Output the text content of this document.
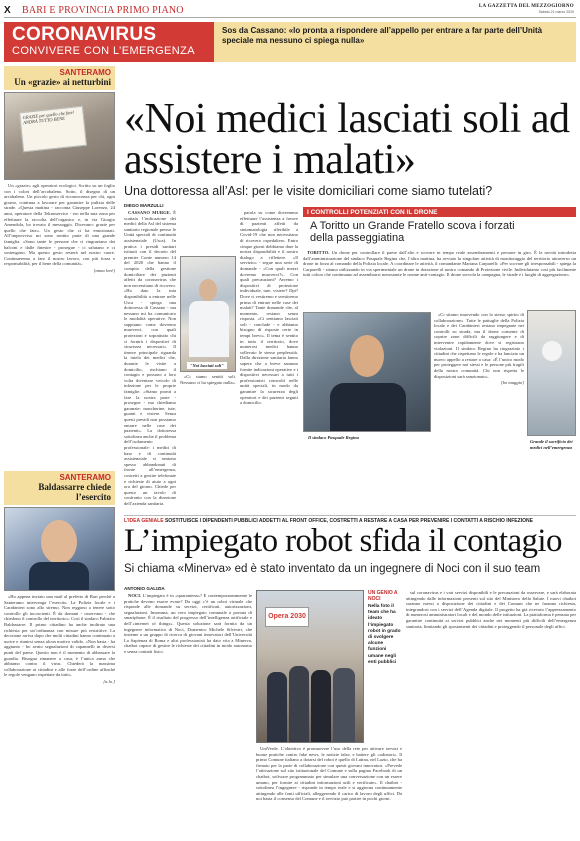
X BARI E PROVINCIA PRIMO PIANO	LA GAZZETTA DEL MEZZOGIORNO
Sabato 21 marzo 2020
CORONAVIRUS
CONVIVERE CON L’EMERGENZA
Sos da Cassano: «lo pronta a rispondere all’appello per entrare a far parte dell’Unità speciale ma nessuno ci spiega nulla»
SANTERAMO
Un «grazie» ai netturbini
GRAZIE per quello che fate! ANDRÀ TUTTO BENE

Un «grazie» agli operatori ecologici. Scritto su un foglio con i colori dell’arcobaleno. Sotto, il disegno di un arcobaleno. Un piccolo gesto di riconoscenza per chi, ogni giorno, continua a lavorare per garantire la pulizia delle strade. «Questa mattina - racconta Giuseppe Lorenzo, 24 anni, operatore della Teknoservice - ero nella mia zona per effettuare la raccolta dell’organico e, in via Giorgio Amendola, ho trovato il messaggio. Dicevano: grazie per quello che fate». Un gesto che ci ha emozionati. All’improvviso mi sono sentito parte di una grande famiglia. «Sono tante le persone che ci ringraziano dai balconi e dalle finestre - prosegue - ci salutano e ci sostengono. Ma questo gesto resterà nel nostro cuore. Continueremo a fare il nostro lavoro, con più forza e responsabilità, per il bene della comunità».

[anna lorè]
SANTERAMO
Baldassarre chiede l’esercito

«Ho appena inviato una mail al prefetto di Bari perché a Santeramo intervenga l’esercito. La Polizia locale e i Carabinieri sono allo stremo. Non reggono a tenere sotto controllo gli incoscienti. È da domani - osservano - che chiedono il controllo del territorio». Così il sindaco Fabrizio Baldassarre. Il primo cittadino ha anche inoltrato una richiesta per un’ordinanza con misure più restrittive. La decisione arriva dopo che molti cittadini hanno continuato a uscire e riunirsi senza alcun motivo valido. «Non basta - ha aggiunto - ho avuto segnalazioni di capannelli in diversi punti del paese. Questo non è il momento di abbassare la guardia. Bisogna rimanere a casa, è l’unica arma che abbiamo contro il virus. Chiederò la massima collaborazione ai cittadini e alle forze dell’ordine affinché le regole vengano rispettate da tutti».

[a.lo.]
«Noi medici lasciati soli ad assistere i malati»
Una dottoressa all’Asl: per le visite domiciliari come siamo tutelati?
DIEGO MARZULLI

CASSANO MURGE. È scattata l’indicazione dei medici della Asl del sistema sanitario regionale presso le Unità speciali di continuità assistenziale (Usca). In pratica i presidi sanitari istituiti con il decreto del premier Conte numero 14 del 2020 che hanno il compito della gestione domiciliare dei pazienti affetti da coronavirus che non necessitano di ricovero. «Ho dato la mia disponibilità a entrare nelle Usca - spiega una dottoressa di Cassano - ma nessuno mi ha comunicato le modalità operative. Non sappiamo come dovremo muoverci, con quali protezioni e soprattutto chi ci fornirà i dispositivi di sicurezza necessari». Il timore principale riguarda la tutela dei medici che, durante le visite a domicilio, rischiano il contagio e possono a loro volta diventare veicolo di infezione per le proprie famiglie. «Siamo pronti a fare la nostra parte - prosegue - ma chiediamo garanzie: mascherine, tute, guanti e visiere. Senza questi presidi non possiamo entrare nelle case dei pazienti». La dottoressa sottolinea anche il problema dell’isolamento professionale: i medici di base e di continuità assistenziale si sentono spesso abbandonati di fronte all’emergenza, costretti a gestire telefonate e richieste di aiuto a ogni ora del giorno. Chiede per questo un tavolo di confronto con la direzione dell’azienda sanitaria.

"Noi lasciati soli"

«Ci siamo sentiti soli. Nessuno ci ha spiegato nulla».

parola su come dovremmo effettuare l’assistenza a favore di pazienti affetti da sintomatologia riferibile a Covid-19 che non necessitano di ricovero ospedaliero. Entro cinque giorni dobbiamo dare la nostra disponibilità e il nostro dialogo a riflettere. «Il servizio» - segue una serie di domande - «Con quali mezzi dovremo muoverci?». Con quali precauzioni? Avremo i dispositivi di protezione individuale, tute, visiere? Dpi? Dove ci vestiremo e svestiremo prima di entrare nelle case dei malati? Tante domande che, al momento, restano senza risposta. «Ci sentiamo lasciati soli - conclude - e abbiamo bisogno di risposte certe in tempi brevi». Il tema è sentito in tutto il territorio, dove numerosi medici hanno sollevato le stesse perplessità. Dalla direzione sanitaria fanno sapere che a breve saranno fornite indicazioni operative e i dispositivi necessari a tutti i professionisti coinvolti nelle unità speciali, in modo da garantire la sicurezza degli operatori e dei pazienti seguiti a domicilio.

I CONTROLLI POTENZIATI CON IL DRONE
A Toritto un Grande Fratello scova i forzati della passeggiatina

TORITTO. Un drone per controllare il paese dall’alto e scovare in tempo reale assembramenti e persone in giro. È la novità introdotta dall’amministrazione del sindaco Pasquale Regina che, l’altra mattina, ha avviato la singolare attività di monitoraggio del territorio attraverso un drone in forza al comando della Polizia locale. A coordinare le attività, il comandante Mariana Carparelli: «Per scovare gli irresponsabili - spiega la Carparelli - stiamo utilizzando in via sperimentale un drone in dotazione al nostro comando di Protezione civile. Individuiamo così più facilmente tutti coloro che continuano ad assembrarsi nonostante le norme anti-contagio. Il drone sorvola la campagna, le strade e i luoghi di aggregazione».

Il sindaco Pasquale Regina

«Ci stiamo muovendo con lo stesso spirito di collaborazione». Tutte le pattuglie della Polizia locale e dei Carabinieri restano impegnate nei controlli su strada, ma il drone consente di coprire zone difficili da raggiungere e di intervenire rapidamente dove si registrano violazioni. Il sindaco Regina ha ringraziato i cittadini che rispettano le regole e ha lanciato un nuovo appello a restare a casa: «È l’unico modo per proteggere noi stessi e le persone più fragili della nostra comunità. Chi non rispetta le disposizioni sarà sanzionato».

[bo maggio]
Grande il sacrificio dei medici nell’emergenza
L’IDEA GENIALE SOSTITUISCE I DIPENDENTI PUBBLICI ADDETTI AL FRONT OFFICE, COSTRETTI A RESTARE A CASA PER PREVENIRE I CONTATTI A RISCHIO INFEZIONE
L’impiegato robot sfida il contagio
Si chiama «Minerva» ed è stato inventato da un ingegnere di Noci con il suo team
ANTONIO GALIZIA

NOCI. L’impiegato è in «quarantena»? E contemporaneamente le pratiche devono essere evase? Da oggi c’è un robot virtuale che risponde alle domande su servizi, certificati, autorizzazioni, segnalazioni. Insomma, un vero impiegato comunale a portata di smartphone. È il risultato del progresso dell’intelligenza artificiale e dell’«internet of things». Questa soluzione sarà fornita da un ingegnere informatico di Noci, Domenico Michele Silvestri, che insieme a un gruppo di ricerca di giovani innovatori dell’Università La Sapienza di Roma e altri professionisti ha dato vita a Minerva, chatbot capace di gestire le richieste dei cittadini in modo autonomo e senza contatti fisici.

Opera 2030
UN GENIO A NOCI
Nella foto il team che ha ideato l’impiegato robot in grado di svolgere alcune funzioni umane negli enti pubblici

UniVerde. L’obiettivo è promuovere l’uso della rete per attivare servizi e buone pratiche contro fake news, le notizie false, e battere gli «odiatori». Il primo Comune italiano a dotarsi del robot è quello di Latina, nel Lazio, che ha firmato per la parte di collaborazione con questi giovani innovatori. «Prevede l’attivazione sul sito istituzionale del Comune e sulla pagina Facebook di un chatbot, software programmato per simulare una conversazione con un essere umano, per fornire ai cittadini informazioni utili e verificate». Il chatbot - sottolinea l’ingegnere - risponde in tempo reale e si aggiorna continuamente attingendo alle fonti ufficiali, alleggerendo il carico di lavoro degli uffici. Da noi basta il consenso del Comune e il servizio può partire in pochi giorni.

sul coronavirus e i vari servizi disponibili e le precauzioni da osservare, e sarà elaborata attingendo dalle informazioni presenti sul sito del Ministero della Salute. I nuovi chatbot saranno messi a disposizione dei cittadini e dei Comuni che ne faranno richiesta, integrandosi con i servizi dell’Agenda digitale. Il progetto ha già ricevuto l’apprezzamento di numerosi amministratori locali e del mondo delle istituzioni. La piattaforma è pensata per garantire continuità ai servizi pubblici anche nei momenti più difficili dell’emergenza sanitaria, limitando gli spostamenti dei cittadini e proteggendo il personale degli uffici.
